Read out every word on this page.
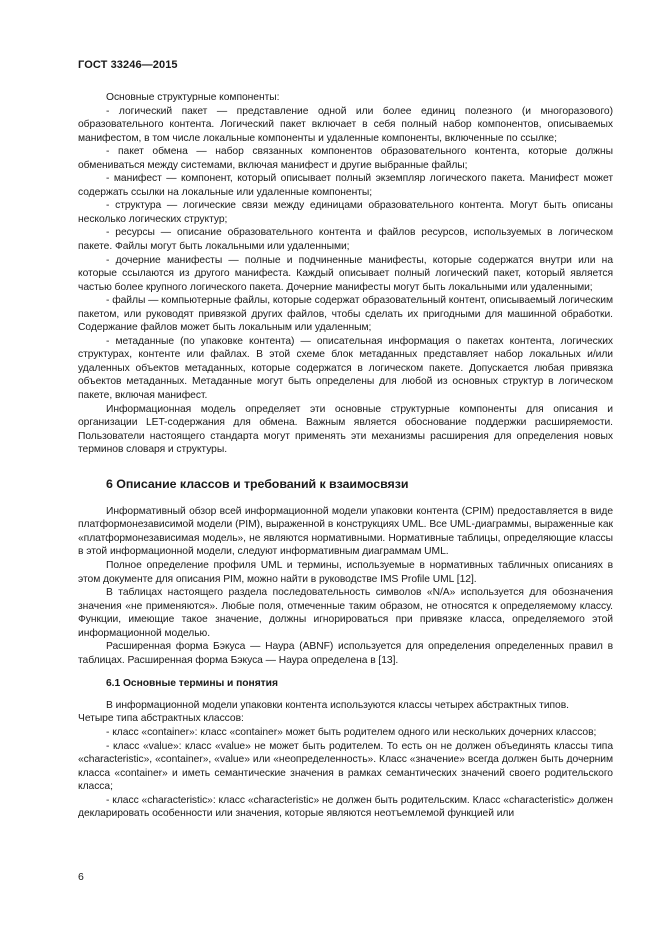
ГОСТ 33246—2015

Основные структурные компоненты:

- логический пакет — представление одной или более единиц полезного (и многоразового) образовательного контента. Логический пакет включает в себя полный набор компонентов, описываемых манифестом, в том числе локальные компоненты и удаленные компоненты, включенные по ссылке;

- пакет обмена — набор связанных компонентов образовательного контента, которые должны обмениваться между системами, включая манифест и другие выбранные файлы;

- манифест — компонент, который описывает полный экземпляр логического пакета. Манифест может содержать ссылки на локальные или удаленные компоненты;

- структура — логические связи между единицами образовательного контента. Могут быть описаны несколько логических структур;

- ресурсы — описание образовательного контента и файлов ресурсов, используемых в логическом пакете. Файлы могут быть локальными или удаленными;

- дочерние манифесты — полные и подчиненные манифесты, которые содержатся внутри или на которые ссылаются из другого манифеста. Каждый описывает полный логический пакет, который является частью более крупного логического пакета. Дочерние манифесты могут быть локальными или удаленными;

- файлы — компьютерные файлы, которые содержат образовательный контент, описываемый логическим пакетом, или руководят привязкой других файлов, чтобы сделать их пригодными для машинной обработки. Содержание файлов может быть локальным или удаленным;

- метаданные (по упаковке контента) — описательная информация о пакетах контента, логических структурах, контенте или файлах. В этой схеме блок метаданных представляет набор локальных и/или удаленных объектов метаданных, которые содержатся в логическом пакете. Допускается любая привязка объектов метаданных. Метаданные могут быть определены для любой из основных структур в логическом пакете, включая манифест.

Информационная модель определяет эти основные структурные компоненты для описания и организации LET-содержания для обмена. Важным является обоснование поддержки расширяемости. Пользователи настоящего стандарта могут применять эти механизмы расширения для определения новых терминов словаря и структуры.

6 Описание классов и требований к взаимосвязи

Информативный обзор всей информационной модели упаковки контента (CPIM) предоставляется в виде платформонезависимой модели (PIM), выраженной в конструкциях UML. Все UML-диаграммы, выраженные как «платформонезависимая модель», не являются нормативными. Нормативные таблицы, определяющие классы в этой информационной модели, следуют информативным диаграммам UML.

Полное определение профиля UML и термины, используемые в нормативных табличных описаниях в этом документе для описания PIM, можно найти в руководстве IMS Profile UML [12].

В таблицах настоящего раздела последовательность символов «N/A» используется для обозначения значения «не применяются». Любые поля, отмеченные таким образом, не относятся к определяемому классу. Функции, имеющие такое значение, должны игнорироваться при привязке класса, определяемого этой информационной моделью.

Расширенная форма Бэкуса — Наура (ABNF) используется для определения определенных правил в таблицах. Расширенная форма Бэкуса — Наура определена в [13].

6.1 Основные термины и понятия

В информационной модели упаковки контента используются классы четырех абстрактных типов.

Четыре типа абстрактных классов:

- класс «container»: класс «container» может быть родителем одного или нескольких дочерних классов;

- класс «value»: класс «value» не может быть родителем. То есть он не должен объединять классы типа «characteristic», «container», «value» или «неопределенность». Класс «значение» всегда должен быть дочерним класса «container» и иметь семантические значения в рамках семантических значений своего родительского класса;

- класс «characteristic»: класс «characteristic» не должен быть родительским. Класс «characteristic» должен декларировать особенности или значения, которые являются неотъемлемой функцией или

6
